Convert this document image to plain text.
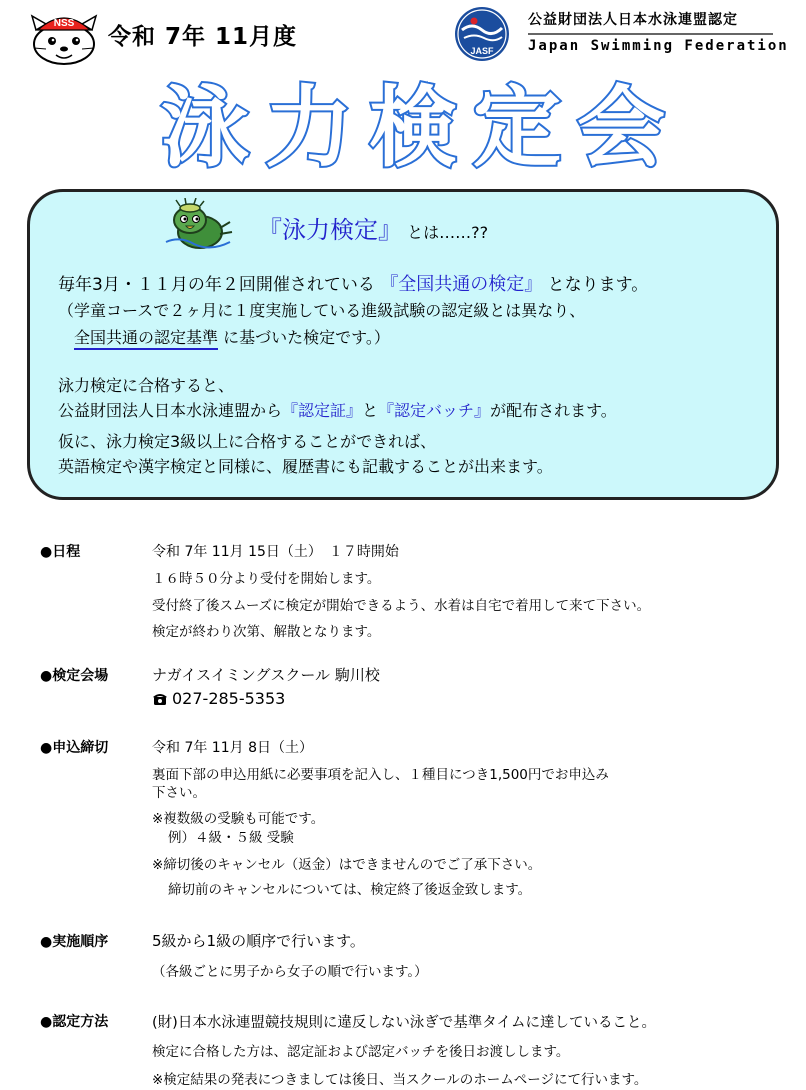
NSS
令和 7年 11月度
JASF
公益財団法人日本水泳連盟認定
Japan Swimming Federation
泳 力 検 定 会
『泳力検定』 とは……??
毎年3月・１１月の年２回開催されている 『全国共通の検定』 となります。
（学童コースで２ヶ月に１度実施している進級試験の認定級とは異なり、
全国共通の認定基準 に基づいた検定です。）
泳力検定に合格すると、
公益財団法人日本水泳連盟から『認定証』と『認定バッチ』が配布されます。
仮に、泳力検定3級以上に合格することができれば、
英語検定や漢字検定と同様に、履歴書にも記載することが出来ます。
●日程	令和 7年 11月 15日（土）　１７時開始
１６時５０分より受付を開始します。
受付終了後スムーズに検定が開始できるよう、水着は自宅で着用して来て下さい。
検定が終わり次第、解散となります。
●検定会場	ナガイスイミングスクール 駒川校
027-285-5353
●申込締切	令和 7年 11月 8日（土）
裏面下部の申込用紙に必要事項を記入し、１種目につき1,500円でお申込み
下さい。
※複数級の受験も可能です。
例）４級・５級 受験
※締切後のキャンセル（返金）はできませんのでご了承下さい。
締切前のキャンセルについては、検定終了後返金致します。
●実施順序	5級から1級の順序で行います。
（各級ごとに男子から女子の順で行います。）
●認定方法	(財)日本水泳連盟競技規則に違反しない泳ぎで基準タイムに達していること。
検定に合格した方は、認定証および認定バッチを後日お渡しします。
※検定結果の発表につきましては後日、当スクールのホームページにて行います。
